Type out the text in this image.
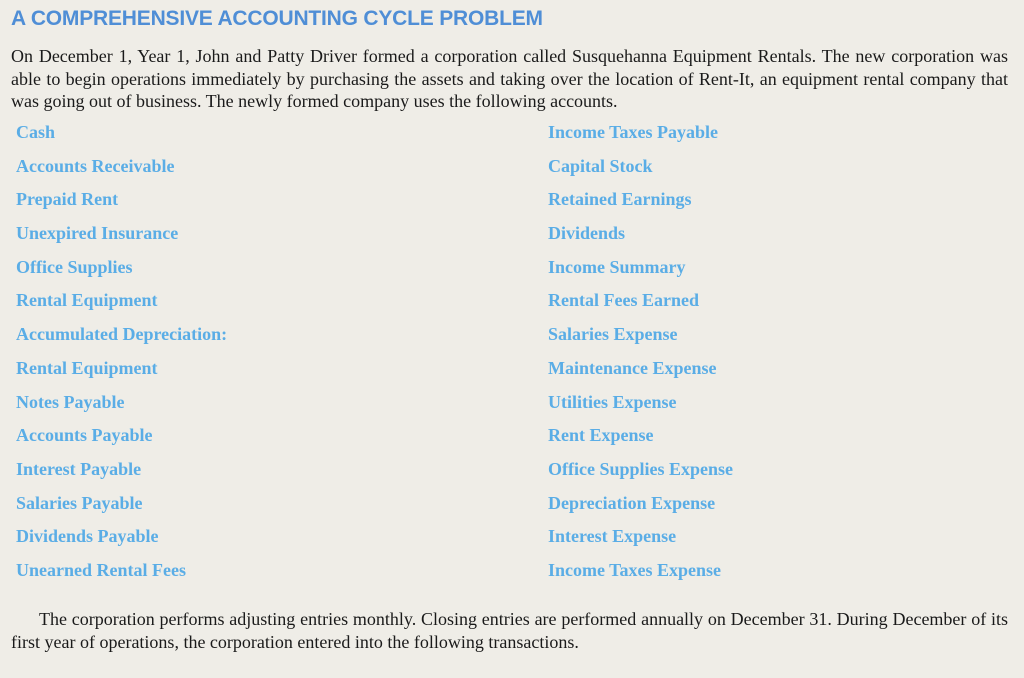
A COMPREHENSIVE ACCOUNTING CYCLE PROBLEM

On December 1, Year 1, John and Patty Driver formed a corporation called Susquehanna Equipment Rentals. The new corporation was able to begin operations immediately by purchasing the assets and taking over the location of Rent-It, an equipment rental company that was going out of business. The newly formed company uses the following accounts.

Cash
Accounts Receivable
Prepaid Rent
Unexpired Insurance
Office Supplies
Rental Equipment
Accumulated Depreciation:
Rental Equipment
Notes Payable
Accounts Payable
Interest Payable
Salaries Payable
Dividends Payable
Unearned Rental Fees
Income Taxes Payable
Capital Stock
Retained Earnings
Dividends
Income Summary
Rental Fees Earned
Salaries Expense
Maintenance Expense
Utilities Expense
Rent Expense
Office Supplies Expense
Depreciation Expense
Interest Expense
Income Taxes Expense

The corporation performs adjusting entries monthly. Closing entries are performed annually on December 31. During December of its first year of operations, the corporation entered into the following transactions.
